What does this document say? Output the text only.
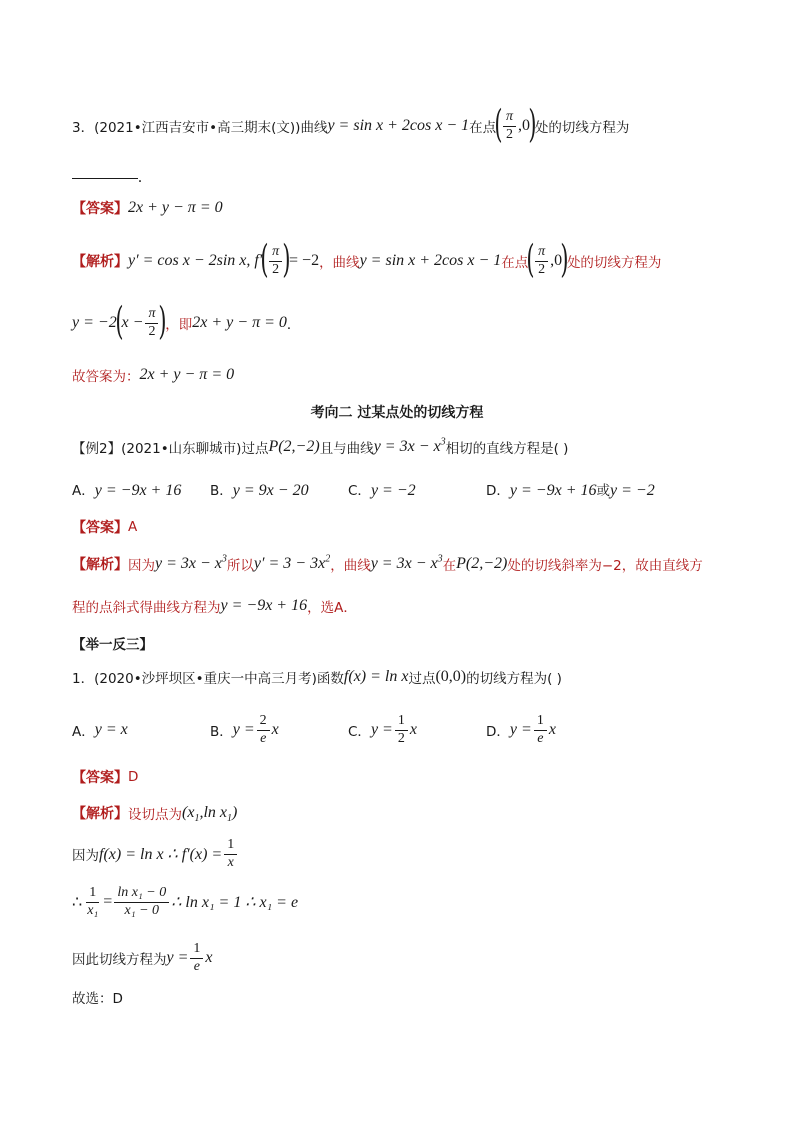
3． (2021•江西吉安市•高三期末(文)) 曲线 y = sin x + 2cos x − 1 在点
( $\frac{\pi}{2} ,0$
)
处的切线方程为
.
【答案】 2x + y − π = 0
【解析】 y′ = cos x − 2sin x, f′
( $\frac{\pi}{2}$ )
= −2 ，曲线 y = sin x + 2cos x − 1 在点
( $\frac{\pi}{2} ,0$
)
处的切线方程为
y = −2
(
$x - \frac{\pi}{2}$ )
，即 2x + y − π = 0 ．
故答案为： 2x + y − π = 0
考向二 过某点处的切线方程
【例2】 (2021•山东聊城市) 过点 P(2,−2) 且与曲线 $y = 3x - x^3$ 相切的直线方程是( )
A．y = −9x + 16 B．y = 9x − 20	C．y = −2	D．y = −9x + 16或y = −2
【答案】 A
【解析】 因为 $y = 3x - x^3$ 所以 $y' = 3 - 3x^2$ ，曲线 $y = 3x - x^3$ 在 P(2,−2) 处的切线斜率为−2，故由直线方
程的点斜式得曲线方程为 y = −9x + 16 ，选A．
【举一反三】
1． (2020•沙坪坝区•重庆一中高三月考) 函数 f(x) = ln x 过点 (0,0) 的切线方程为( )
A． y = x	B． $y = \frac{2}{e}$ x	C． $y = \frac{1}{2}$ x	D． $y = \frac{1}{e}$ x
【答案】 D
【解析】 设切点为 ($x_1,\ln$ $x_1$)
因为 f(x) = ln x ∴ $f'(x) = \frac{1}{x}$
∴ $\frac{1}{\text{x₁}} = \frac{\text{ln x₁ − 0}}{\text{x₁ − 0}}$ ∴ ln x₁ = 1 ∴ x₁ = e
因此切线方程为 $y = \frac{1}{e}$ x
故选：D
